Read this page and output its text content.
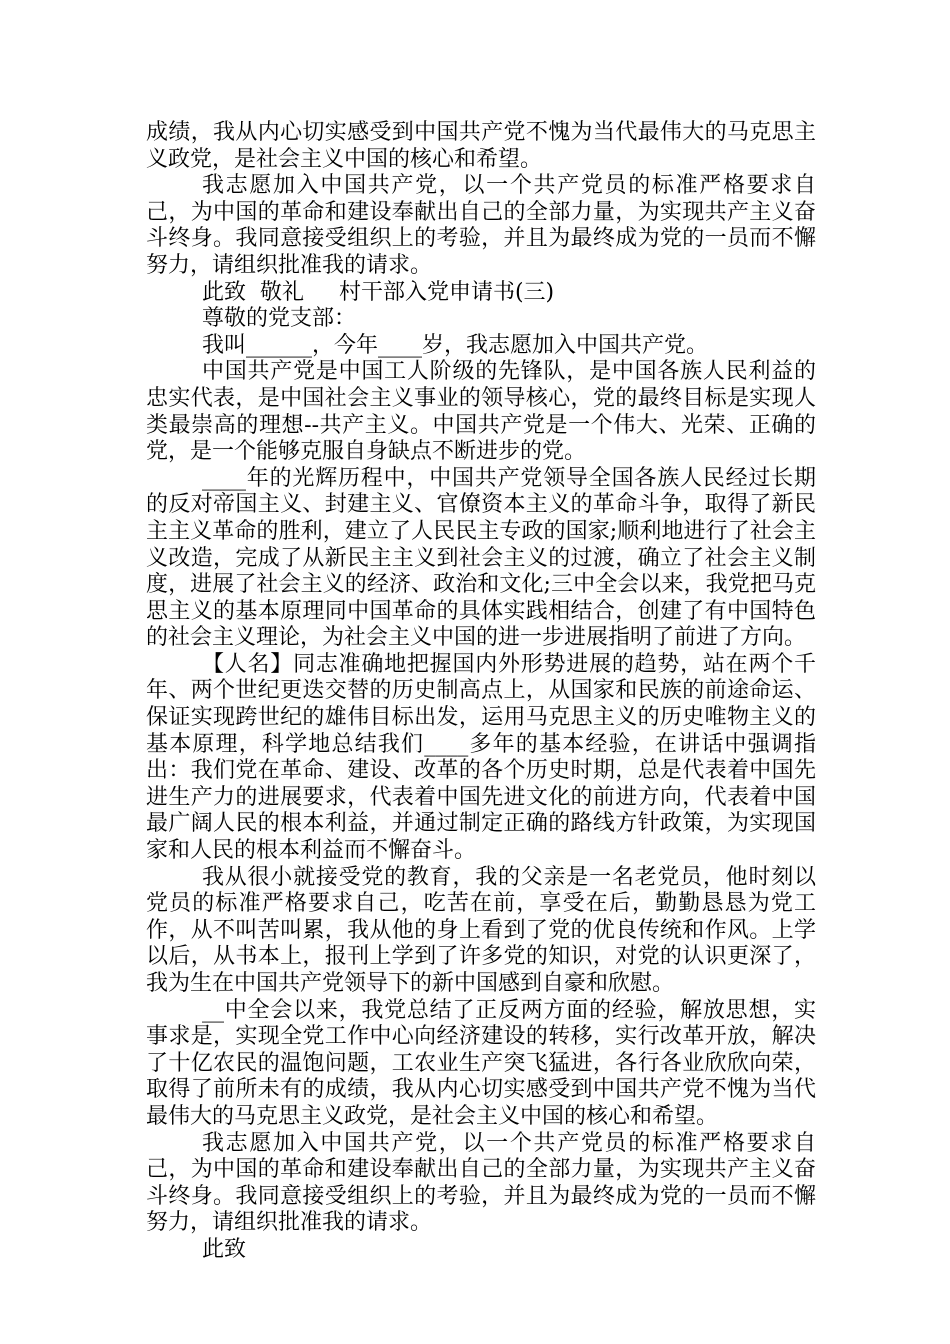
成绩，我从内心切实感受到中国共产党不愧为当代最伟大的马克思主义政党，是社会主义中国的核心和希望。

我志愿加入中国共产党，以一个共产党员的标准严格要求自己，为中国的革命和建设奉献出自己的全部力量，为实现共产主义奋斗终身。我同意接受组织上的考验，并且为最终成为党的一员而不懈努力，请组织批准我的请求。

此致  敬礼     村干部入党申请书(三)

尊敬的党支部：

我叫______，今年____岁，我志愿加入中国共产党。

中国共产党是中国工人阶级的先锋队，是中国各族人民利益的忠实代表，是中国社会主义事业的领导核心，党的最终目标是实现人类最崇高的理想--共产主义。中国共产党是一个伟大、光荣、正确的党，是一个能够克服自身缺点不断进步的党。

____年的光辉历程中，中国共产党领导全国各族人民经过长期的反对帝国主义、封建主义、官僚资本主义的革命斗争，取得了新民主主义革命的胜利，建立了人民民主专政的国家;顺利地进行了社会主义改造，完成了从新民主主义到社会主义的过渡，确立了社会主义制度，进展了社会主义的经济、政治和文化;三中全会以来，我党把马克思主义的基本原理同中国革命的具体实践相结合，创建了有中国特色的社会主义理论，为社会主义中国的进一步进展指明了前进了方向。

【人名】同志准确地把握国内外形势进展的趋势，站在两个千年、两个世纪更迭交替的历史制高点上，从国家和民族的前途命运、保证实现跨世纪的雄伟目标出发，运用马克思主义的历史唯物主义的基本原理，科学地总结我们____多年的基本经验，在讲话中强调指出：我们党在革命、建设、改革的各个历史时期，总是代表着中国先进生产力的进展要求，代表着中国先进文化的前进方向，代表着中国最广阔人民的根本利益，并通过制定正确的路线方针政策，为实现国家和人民的根本利益而不懈奋斗。

我从很小就接受党的教育，我的父亲是一名老党员，他时刻以党员的标准严格要求自己，吃苦在前，享受在后，勤勤恳恳为党工作，从不叫苦叫累，我从他的身上看到了党的优良传统和作风。上学以后，从书本上，报刊上学到了许多党的知识，对党的认识更深了，我为生在中国共产党领导下的新中国感到自豪和欣慰。

__中全会以来，我党总结了正反两方面的经验，解放思想，实事求是，实现全党工作中心向经济建设的转移，实行改革开放，解决了十亿农民的温饱问题，工农业生产突飞猛进，各行各业欣欣向荣，取得了前所未有的成绩，我从内心切实感受到中国共产党不愧为当代最伟大的马克思主义政党，是社会主义中国的核心和希望。

我志愿加入中国共产党，以一个共产党员的标准严格要求自己，为中国的革命和建设奉献出自己的全部力量，为实现共产主义奋斗终身。我同意接受组织上的考验，并且为最终成为党的一员而不懈努力，请组织批准我的请求。

此致
